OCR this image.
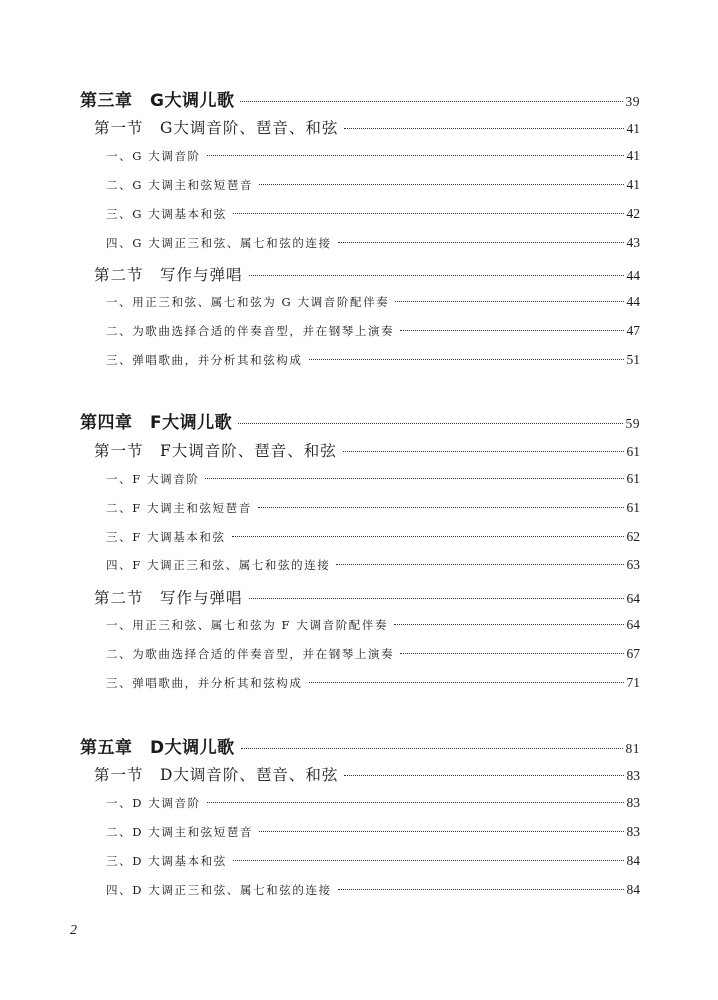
第三章　G大调儿歌	39
第一节　G大调音阶、琶音、和弦	41
一、G 大调音阶	41
二、G 大调主和弦短琶音	41
三、G 大调基本和弦	42
四、G 大调正三和弦、属七和弦的连接	43
第二节　写作与弹唱	44
一、用正三和弦、属七和弦为 G 大调音阶配伴奏	44
二、为歌曲选择合适的伴奏音型，并在钢琴上演奏	47
三、弹唱歌曲，并分析其和弦构成	51
第四章　F大调儿歌	59
第一节　F大调音阶、琶音、和弦	61
一、F 大调音阶	61
二、F 大调主和弦短琶音	61
三、F 大调基本和弦	62
四、F 大调正三和弦、属七和弦的连接	63
第二节　写作与弹唱	64
一、用正三和弦、属七和弦为 F 大调音阶配伴奏	64
二、为歌曲选择合适的伴奏音型，并在钢琴上演奏	67
三、弹唱歌曲，并分析其和弦构成	71
第五章　D大调儿歌	81
第一节　D大调音阶、琶音、和弦	83
一、D 大调音阶	83
二、D 大调主和弦短琶音	83
三、D 大调基本和弦	84
四、D 大调正三和弦、属七和弦的连接	84
2
